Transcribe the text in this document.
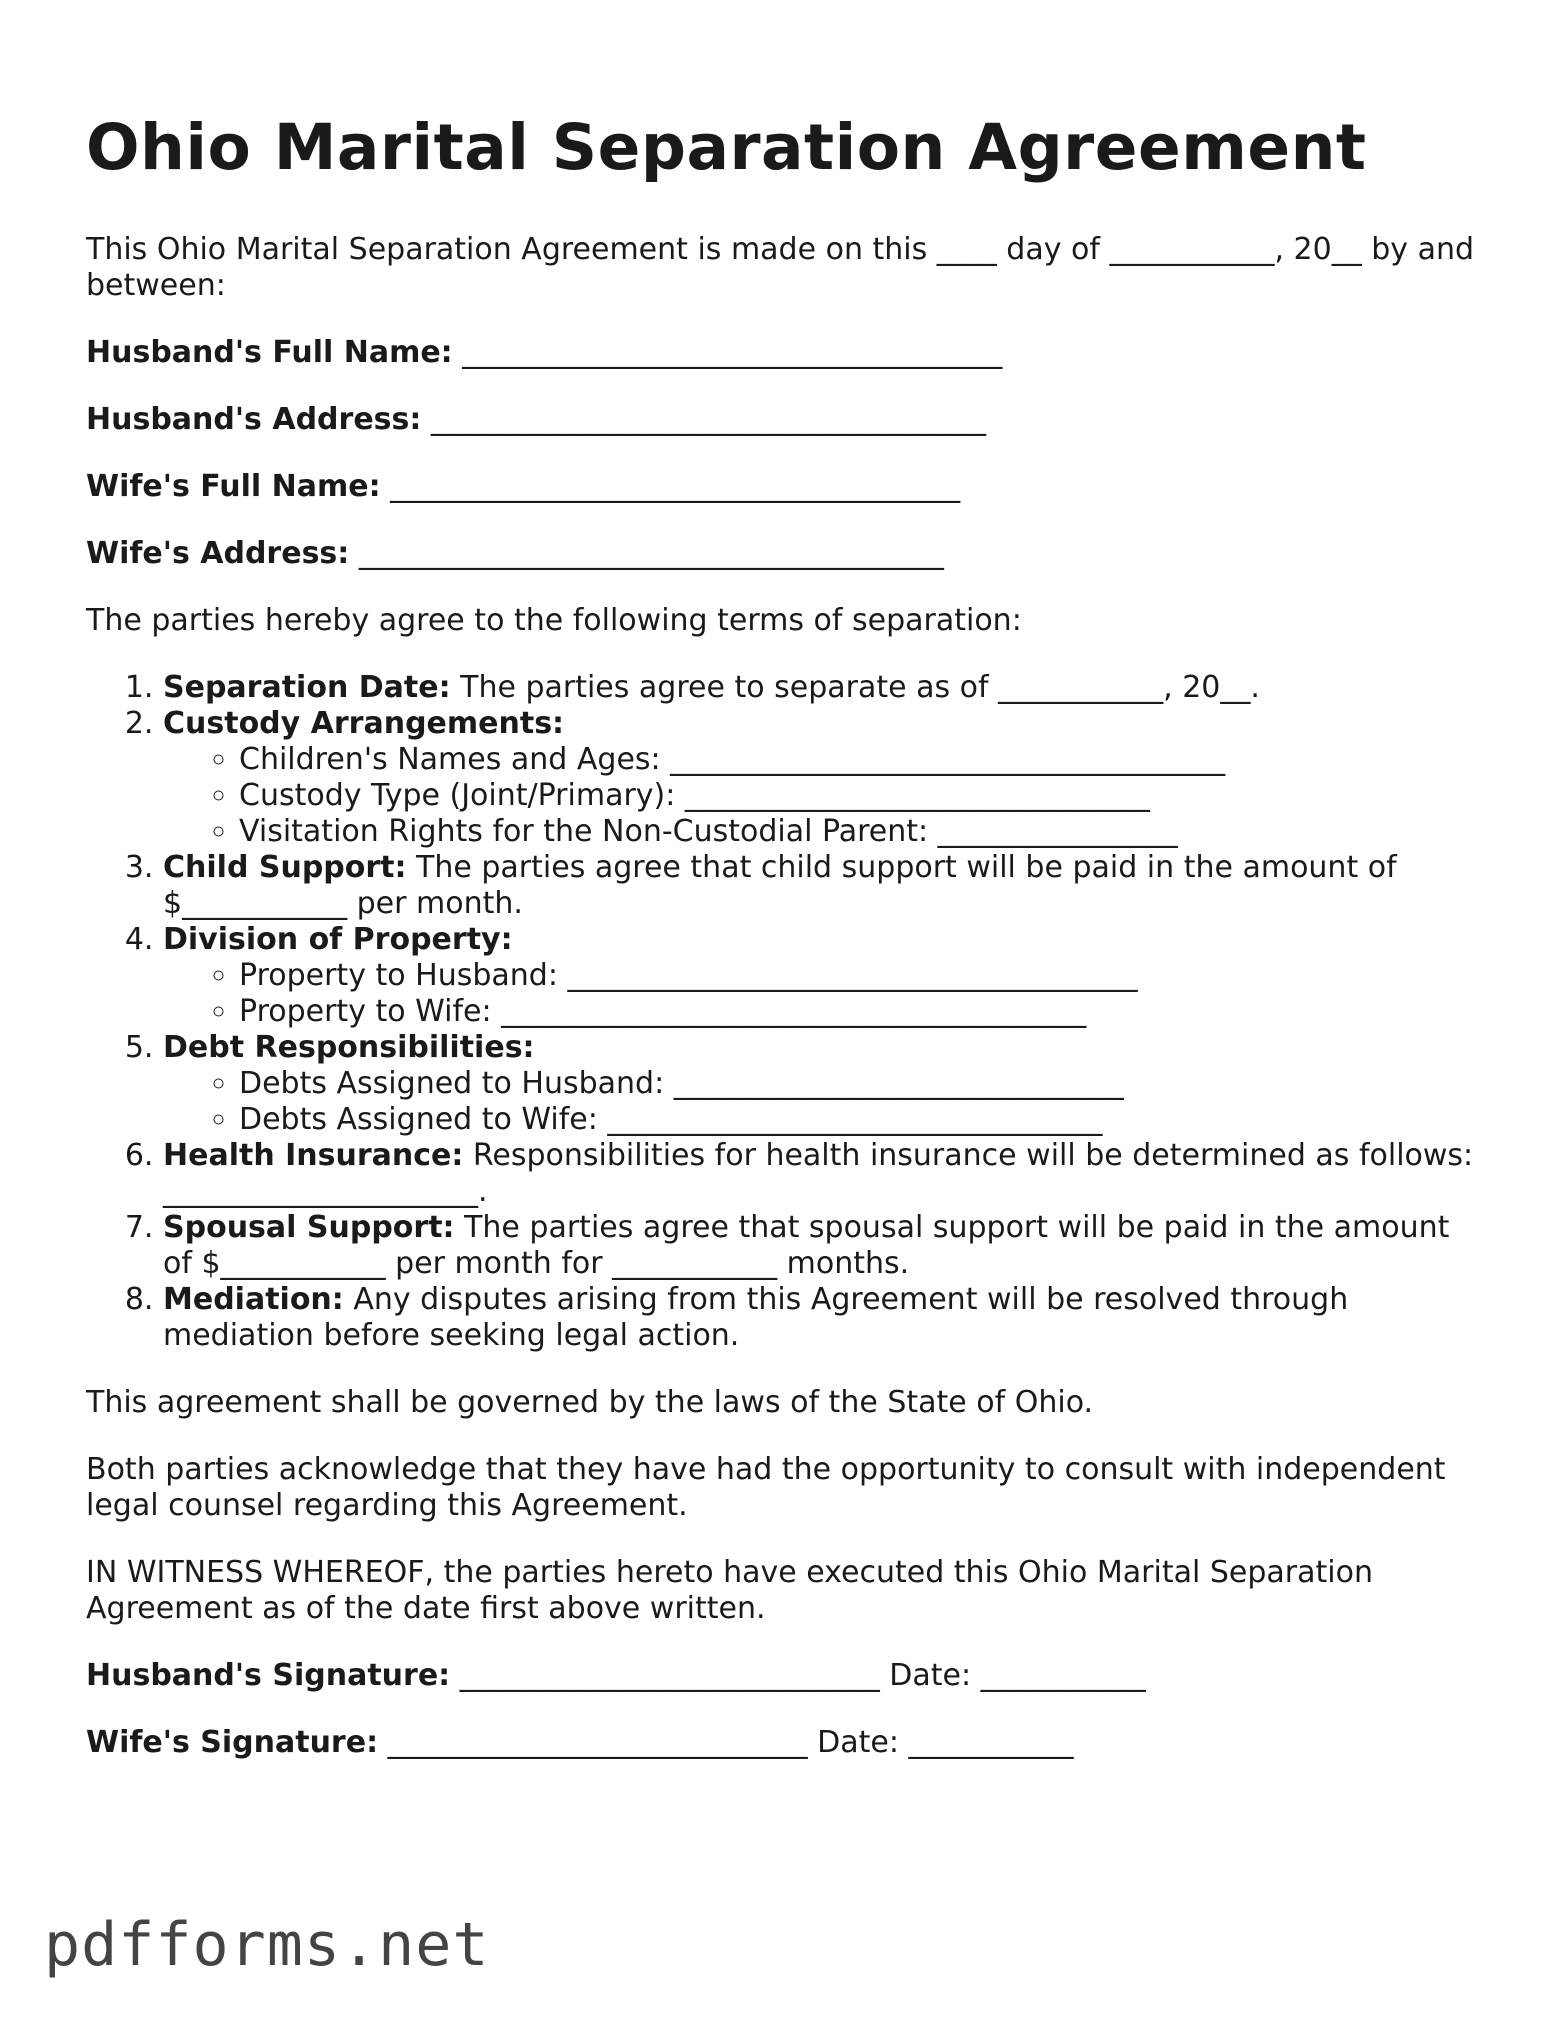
Ohio Marital Separation Agreement

This Ohio Marital Separation Agreement is made on this ____ day of ___________, 20__ by and between:

Husband's Full Name: ____________________________________
Husband's Address: _____________________________________
Wife's Full Name: ______________________________________
Wife's Address: _______________________________________

The parties hereby agree to the following terms of separation:

1. Separation Date: The parties agree to separate as of ___________, 20__.
2. Custody Arrangements:
◦ Children's Names and Ages: _____________________________________
◦ Custody Type (Joint/Primary): _______________________________
◦ Visitation Rights for the Non-Custodial Parent: ________________
3. Child Support: The parties agree that child support will be paid in the amount of $___________ per month.
4. Division of Property:
◦ Property to Husband: ______________________________________
◦ Property to Wife: _______________________________________
5. Debt Responsibilities:
◦ Debts Assigned to Husband: ______________________________
◦ Debts Assigned to Wife: _________________________________
6. Health Insurance: Responsibilities for health insurance will be determined as follows: _____________________.
7. Spousal Support: The parties agree that spousal support will be paid in the amount of $___________ per month for ___________ months.
8. Mediation: Any disputes arising from this Agreement will be resolved through mediation before seeking legal action.

This agreement shall be governed by the laws of the State of Ohio.

Both parties acknowledge that they have had the opportunity to consult with independent legal counsel regarding this Agreement.

IN WITNESS WHEREOF, the parties hereto have executed this Ohio Marital Separation Agreement as of the date first above written.

Husband's Signature: ____________________________ Date: ___________
Wife's Signature: ____________________________ Date: ___________
pdfforms.net
